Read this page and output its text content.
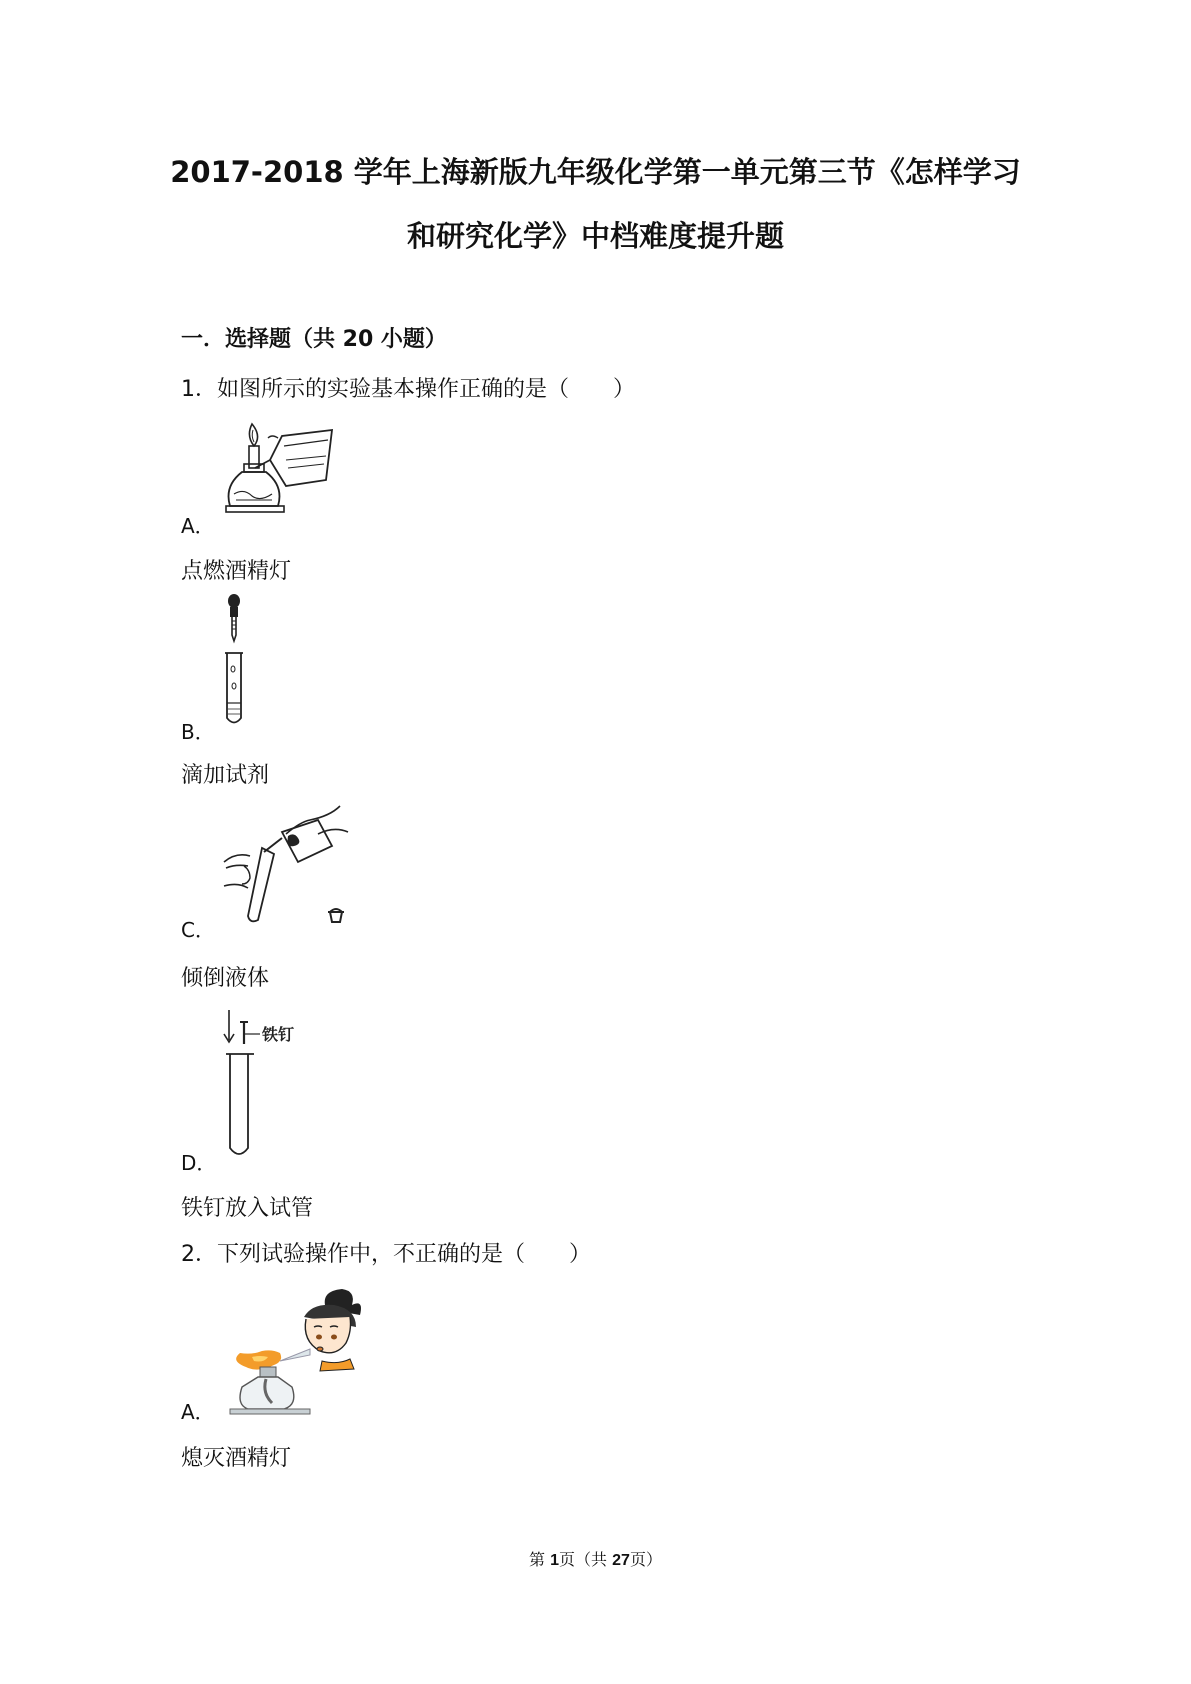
2017-2018 学年上海新版九年级化学第一单元第三节《怎样学习
和研究化学》中档难度提升题
一．选择题（共 20 小题）
1．如图所示的实验基本操作正确的是（　　）
A．
点燃酒精灯
B．
滴加试剂
C．
倾倒液体
铁钉
D．
铁钉放入试管
2．下列试验操作中，不正确的是（　　）
A．
熄灭酒精灯
第 1页（共 27页）
